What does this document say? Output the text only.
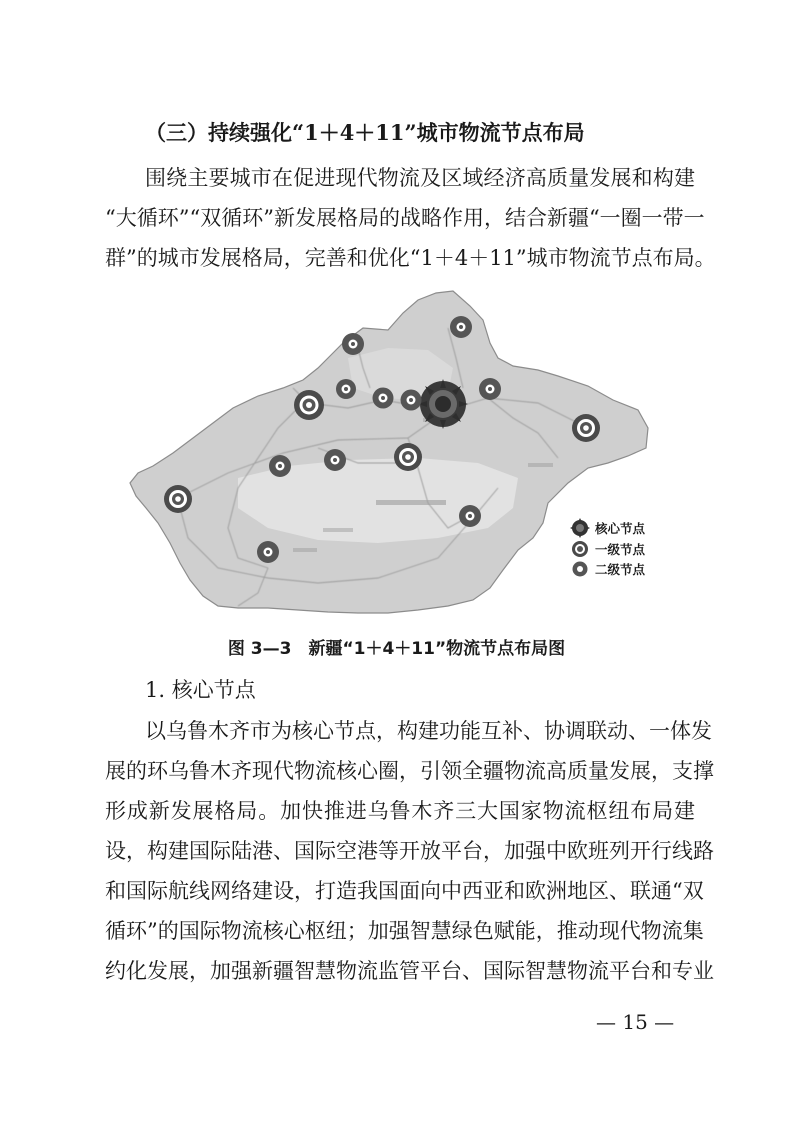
（三）持续强化“1＋4＋11”城市物流节点布局
围绕主要城市在促进现代物流及区域经济高质量发展和构建
“大循环”“双循环”新发展格局的战略作用，结合新疆“一圈一带一
群”的城市发展格局，完善和优化“1＋4＋11”城市物流节点布局。
核心节点
一级节点
二级节点
图 3—3　新疆“1＋4＋11”物流节点布局图
1. 核心节点
以乌鲁木齐市为核心节点，构建功能互补、协调联动、一体发
展的环乌鲁木齐现代物流核心圈，引领全疆物流高质量发展，支撑
形成新发展格局。加快推进乌鲁木齐三大国家物流枢纽布局建
设，构建国际陆港、国际空港等开放平台，加强中欧班列开行线路
和国际航线网络建设，打造我国面向中西亚和欧洲地区、联通“双
循环”的国际物流核心枢纽；加强智慧绿色赋能，推动现代物流集
约化发展，加强新疆智慧物流监管平台、国际智慧物流平台和专业
— 15 —
